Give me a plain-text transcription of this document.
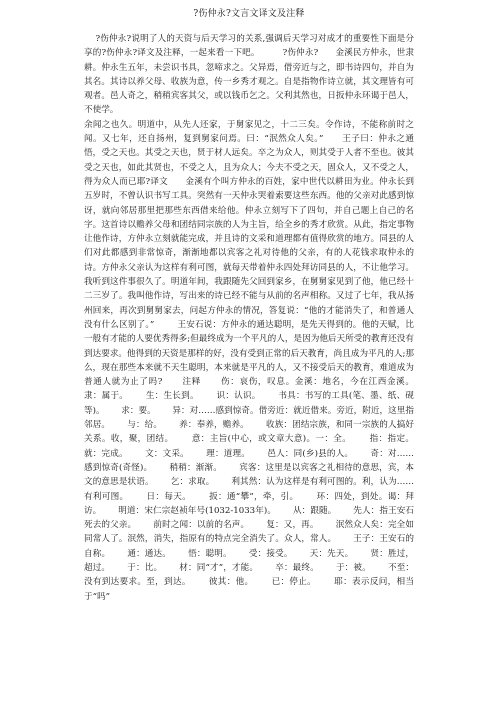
?伤仲永?文言文译文及注释

?伤仲永?说明了人的天资与后天学习的关系,强调后天学习对成才的重要性下面是分享的?伤仲永?译文及注释，一起来看一下吧。        ?伤仲永?      金溪民方仲永，世隶耕。仲永生五年，未尝识书具，忽啼求之。父异焉，借旁近与之，即书诗四句，并自为其名。其诗以养父母、收族为意，传一乡秀才观之。自是指物作诗立就，其文理皆有可观者。邑人奇之，稍稍宾客其父，或以钱币乞之。父利其然也，日扳仲永环谒于邑人，不使学。

余闻之也久。明道中，从先人还家，于舅家见之，十二三矣。令作诗，不能称前时之闻。又七年，还自扬州，复到舅家问焉。曰：“泯然众人矣。”      王子曰：仲永之通悟，受之天也。其受之天也，贤于材人远矣。卒之为众人，则其受于人者不至也。彼其受之天也，如此其贤也，不受之人，且为众人；今夫不受之天，固众人，又不受之人，得为众人而已耶?译文      金溪有个叫方仲永的百姓，家中世代以耕田为业。仲永长到五岁时，不曾认识书写工具。突然有一天仲永哭着索要这些东西。他的父亲对此感到惊讶，就向邻居那里把那些东西借来给他。仲永立刻写下了四句，并自己题上自己的名字。这首诗以赡养父母和团结同宗族的人为主旨，给全乡的秀才欣赏。从此，指定事物让他作诗，方仲永立刻就能完成，并且诗的文采和道理都有值得欣赏的地方。同县的人们对此都感到非常惊奇，渐渐地都以宾客之礼对待他的父亲，有的人花钱求取仲永的诗。方仲永父亲认为这样有利可图，就每天带着仲永四处拜访同县的人，不让他学习。        我听到这件事很久了。明道年间，我跟随先父回到家乡，在舅舅家见到了他，他已经十二三岁了。我叫他作诗，写出来的诗已经不能与从前的名声相称。又过了七年，我从扬州回来，再次到舅舅家去，问起方仲永的情况，答复说：“他的才能消失了，和普通人没有什么区别了。”        王安石说：方仲永的通达聪明，是先天得到的。他的天赋，比一般有才能的人要优秀得多;但最终成为一个平凡的人，是因为他后天所受的教育还没有到达要求。他得到的天资是那样的好，没有受到正常的后天教育，尚且成为平凡的人;那么，现在那些本来就不天生聪明，本来就是平凡的人，又不接受后天的教育，难道成为普通人就为止了吗?      注释      伤：哀伤，叹息。金溪：地名，今在江西金溪。      隶：属于。      生：生长到。      识：认识。      书具：书写的工具(笔、墨、纸、砚等)。      求：要。      异：对……感到惊奇。借旁近：就近借来。旁近，附近，这里指邻居。      与：给。      养：奉养，赡养。      收族：团结宗族，和同一宗族的人搞好关系。收，聚，团结。      意：主旨(中心，或文章大意)。一：全。      指：指定。      就：完成。      文：文采。      理：道理。      邑人：同(乡)县的人。      奇：对……感到惊奇(奇怪)。      稍稍：渐渐。      宾客：这里是以宾客之礼相待的意思，宾，本文的意思是状语。      乞：求取。      利其然：认为这样是有利可图的。利，认为……有利可图。      日：每天。      扳：通“攀”，牵，引。      环：四处，到处。谒：拜访。      明道：宋仁宗赵祯年号(1032-1033年)。      从：跟随。      先人：指王安石死去的父亲。      前时之闻：以前的名声。      复：又，再。      泯然众人矣：完全如同常人了。泯然，消失，指原有的特点完全消失了。众人，常人。      王子：王安石的自称。      通：通达。      悟：聪明。      受：接受。      天：先天。      贤：胜过，超过。      于：比。      材：同“才”，才能。      卒：最终。      于：被。      不至：没有到达要求。至，到达。      彼其：他。      已：停止。      耶：表示反问，相当于“吗”
